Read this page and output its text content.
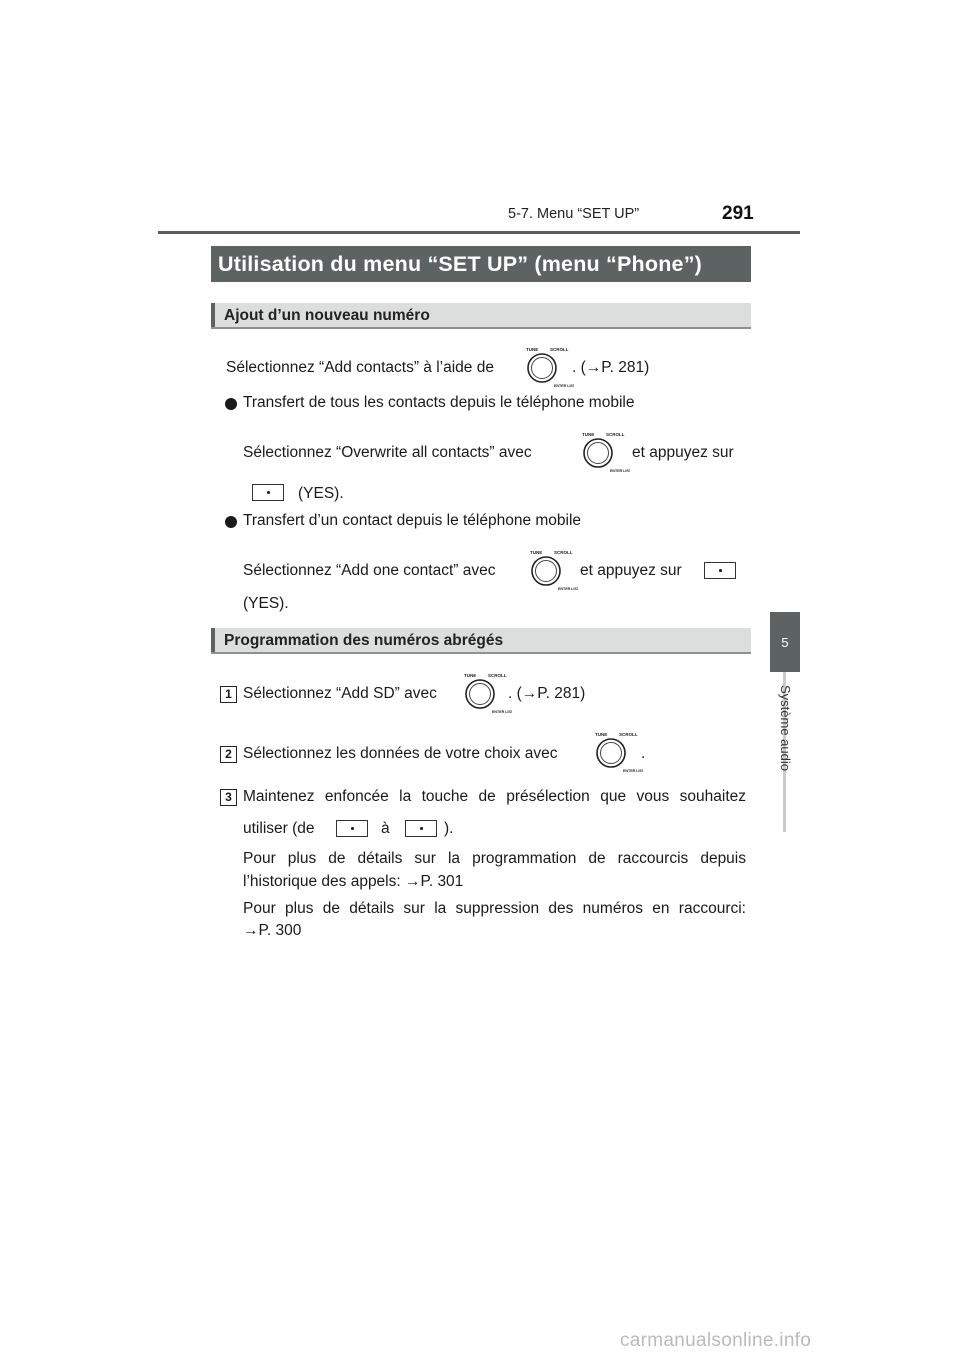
5-7. Menu “SET UP”	291
5
Système audio
Utilisation du menu “SET UP” (menu “Phone”)
Ajout d’un nouveau numéro
Sélectionnez “Add contacts” à l’aide de	. (→P. 281)
Transfert de tous les contacts depuis le téléphone mobile
Sélectionnez “Overwrite all contacts” avec	et appuyez sur
(YES).
Transfert d’un contact depuis le téléphone mobile
Sélectionnez “Add one contact” avec	et appuyez sur
(YES).
Programmation des numéros abrégés
1 Sélectionnez “Add SD” avec	. (→P. 281)
2 Sélectionnez les données de votre choix avec	.
3 Maintenez enfoncée la touche de présélection que vous souhaitez
utiliser (de	à	).
Pour plus de détails sur la programmation de raccourcis depuis
l’historique des appels: →P. 301
Pour plus de détails sur la suppression des numéros en raccourci:
→P. 300
TUNE	SCROLL
ENTER LIST
TUNE	SCROLL
ENTER LIST
TUNE	SCROLL
ENTER LIST
TUNE	SCROLL
ENTER LIST
TUNE	SCROLL
ENTER LIST
carmanualsonline.info
